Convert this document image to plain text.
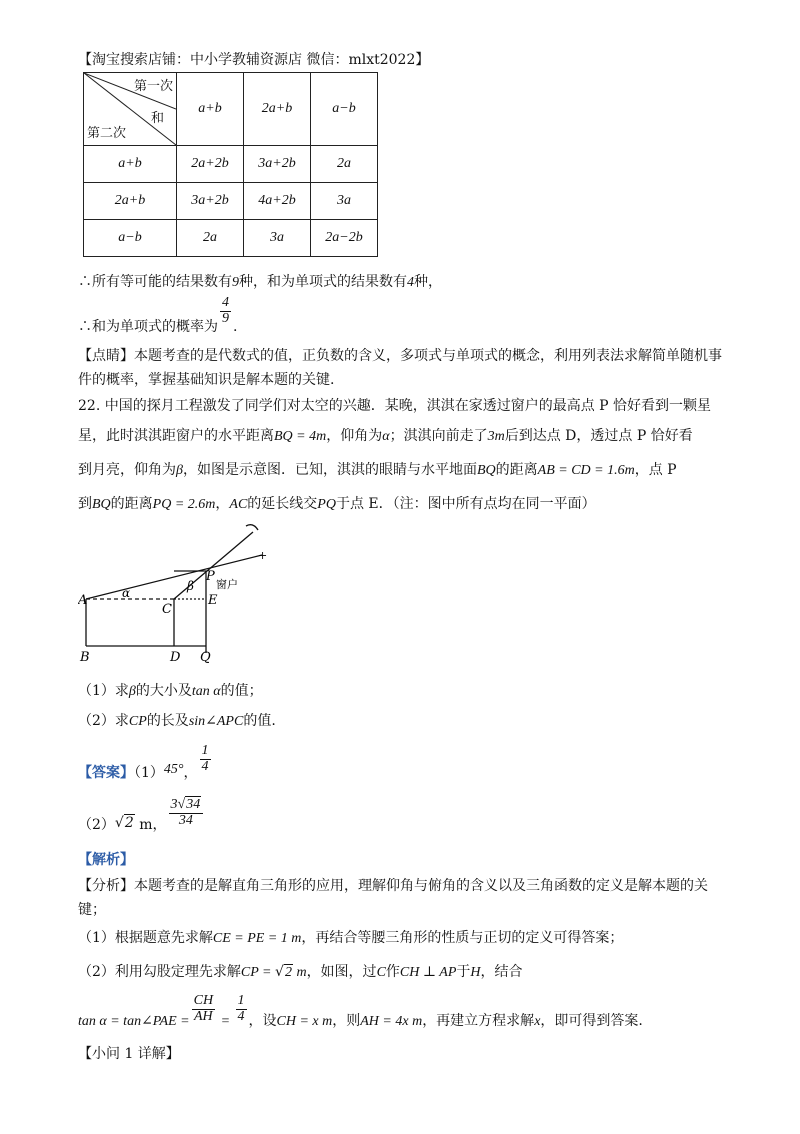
【淘宝搜索店铺：中小学教辅资源店 微信：mlxt2022】
第一次
和
第二次	a+b	2a+b	a−b
a+b	2a+2b	3a+2b	2a
2a+b	3a+2b	4a+2b	3a
a−b	2a	3a	2a−2b
∴所有等可能的结果数有9种，和为单项式的结果数有4种，
∴和为单项式的概率为
$\frac{4}{9}$
.
【点睛】本题考查的是代数式的值，正负数的含义，多项式与单项式的概念，利用列表法求解简单随机事
件的概率，掌握基础知识是解本题的关键.
22. 中国的探月工程激发了同学们对太空的兴趣．某晚，淇淇在家透过窗户的最高点 P 恰好看到一颗星
星，此时淇淇距窗户的水平距离BQ = 4m，仰角为α；淇淇向前走了3m后到达点 D，透过点 P 恰好看
到月亮，仰角为β，如图是示意图．已知，淇淇的眼睛与水平地面BQ的距离AB = CD = 1.6m，点 P
到BQ的距离PQ = 2.6m，AC的延长线交PQ于点 E．（注：图中所有点均在同一平面）
+
A
B
C
D Q
E
P
窗户
α	β
（1）求β的大小及tan α的值；
（2）求CP的长及sin∠APC的值.
【答案】（1）45°， $\frac{1}{4}$
（2）√2 m， $\frac{3√34}{34}$
【解析】
【分析】本题考查的是解直角三角形的应用，理解仰角与俯角的含义以及三角函数的定义是解本题的关
键；
（1）根据题意先求解CE = PE = 1 m，再结合等腰三角形的性质与正切的定义可得答案；
（2）利用勾股定理先求解CP = √2 m，如图，过C作CH ⊥ AP于H，结合
tan α = tan∠PAE = $\frac{CH}{AH} = \frac{1}{4}$ ，设CH = x m，则AH = 4x m，再建立方程求解x，即可得到答案.
【小问 1 详解】
